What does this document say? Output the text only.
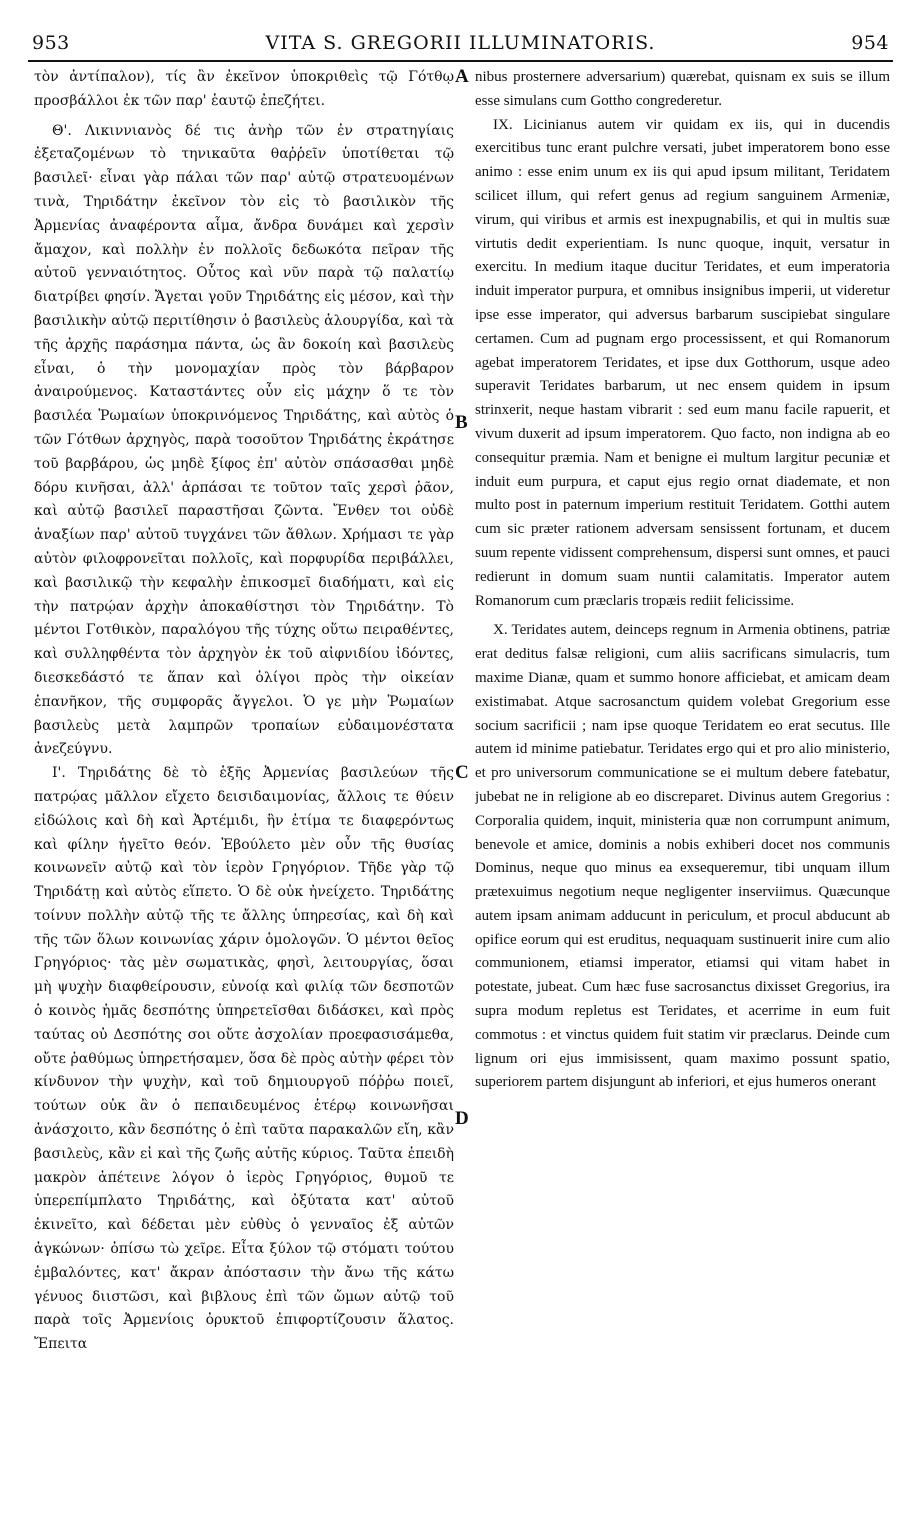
953	VITA S. GREGORII ILLUMINATORIS.	954

τὸν ἀντίπαλον), τίς ἂν ἐκεῖνον ὑποκριθεὶς τῷ Γότθῳ προσβάλλοι ἐκ τῶν παρ' ἑαυτῷ ἐπεζήτει.

Θ'. Λικιννιανὸς δέ τις ἀνὴρ τῶν ἐν στρατηγίαις ἐξεταζομένων τὸ τηνικαῦτα θαῤῥεῖν ὑποτίθεται τῷ βασιλεῖ· εἶναι γὰρ πάλαι τῶν παρ' αὐτῷ στρατευομένων τινὰ, Τηριδάτην ἐκεῖνον τὸν εἰς τὸ βασιλικὸν τῆς Ἀρμενίας ἀναφέροντα αἷμα, ἄνδρα δυνάμει καὶ χερσὶν ἄμαχον, καὶ πολλὴν ἐν πολλοῖς δεδωκότα πεῖραν τῆς αὐτοῦ γενναιότητος. Οὗτος καὶ νῦν παρὰ τῷ παλατίῳ διατρίβει φησίν. Ἄγεται γοῦν Τηριδάτης εἰς μέσον, καὶ τὴν βασιλικὴν αὐτῷ περιτίθησιν ὁ βασιλεὺς ἁλουργίδα, καὶ τὰ τῆς ἀρχῆς παράσημα πάντα, ὡς ἂν δοκοίη καὶ βασιλεὺς εἶναι, ὁ τὴν μονομαχίαν πρὸς τὸν βάρβαρον ἀναιρούμενος. Καταστάντες οὖν εἰς μάχην ὅ τε τὸν βασιλέα Ῥωμαίων ὑποκρινόμενος Τηριδάτης, καὶ αὐτὸς ὁ τῶν Γότθων ἀρχηγὸς, παρὰ τοσοῦτον Τηριδάτης ἐκράτησε τοῦ βαρβάρου, ὡς μηδὲ ξίφος ἐπ' αὐτὸν σπάσασθαι μηδὲ δόρυ κινῆσαι, ἀλλ' ἁρπάσαι τε τοῦτον ταῖς χερσὶ ῥᾶον, καὶ αὐτῷ βασιλεῖ παραστῆσαι ζῶντα. Ἔνθεν τοι οὐδὲ ἀναξίων παρ' αὐτοῦ τυγχάνει τῶν ἄθλων. Χρήμασι τε γὰρ αὐτὸν φιλοφρονεῖται πολλοῖς, καὶ πορφυρίδα περιβάλλει, καὶ βασιλικῷ τὴν κεφαλὴν ἐπικοσμεῖ διαδήματι, καὶ εἰς τὴν πατρῴαν ἀρχὴν ἀποκαθίστησι τὸν Τηριδάτην. Τὸ μέντοι Γοτθικὸν, παραλόγου τῆς τύχης οὕτω πειραθέντες, καὶ συλληφθέντα τὸν ἀρχηγὸν ἐκ τοῦ αἰφνιδίου ἰδόντες, διεσκεδάστό τε ἅπαν καὶ ὀλίγοι πρὸς τὴν οἰκείαν ἐπανῆκον, τῆς συμφορᾶς ἄγγελοι. Ὁ γε μὴν Ῥωμαίων βασιλεὺς μετὰ λαμπρῶν τροπαίων εὐδαιμονέστατα ἀνεζεύγνυ.

Ι'. Τηριδάτης δὲ τὸ ἑξῆς Ἀρμενίας βασιλεύων τῆς πατρῴας μᾶλλον εἴχετο δεισιδαιμονίας, ἄλλοις τε θύειν εἰδώλοις καὶ δὴ καὶ Ἀρτέμιδι, ἣν ἐτίμα τε διαφερόντως καὶ φίλην ἡγεῖτο θεόν. Ἐβούλετο μὲν οὖν τῆς θυσίας κοινωνεῖν αὐτῷ καὶ τὸν ἱερὸν Γρηγόριον. Τῆδε γὰρ τῷ Τηριδάτῃ καὶ αὐτὸς εἵπετο. Ὁ δὲ οὐκ ἠνείχετο. Τηριδάτης τοίνυν πολλὴν αὐτῷ τῆς τε ἄλλης ὑπηρεσίας, καὶ δὴ καὶ τῆς τῶν ὅλων κοινωνίας χάριν ὁμολογῶν. Ὁ μέντοι θεῖος Γρηγόριος· τὰς μὲν σωματικὰς, φησὶ, λειτουργίας, ὅσαι μὴ ψυχὴν διαφθείρουσιν, εὐνοίᾳ καὶ φιλίᾳ τῶν δεσποτῶν ὁ κοινὸς ἡμᾶς δεσπότης ὑπηρετεῖσθαι διδάσκει, καὶ πρὸς ταύτας οὐ Δεσπότης σοι οὔτε ἀσχολίαν προεφασισάμεθα, οὔτε ῥαθύμως ὑπηρετήσαμεν, ὅσα δὲ πρὸς αὐτὴν φέρει τὸν κίνδυνον τὴν ψυχὴν, καὶ τοῦ δημιουργοῦ πόῤῥω ποιεῖ, τούτων οὐκ ἂν ὁ πεπαιδευμένος ἑτέρῳ κοινωνῆσαι ἀνάσχοιτο, κἂν δεσπότης ὁ ἐπὶ ταῦτα παρακαλῶν εἴη, κἂν βασιλεὺς, κἂν εἰ καὶ τῆς ζωῆς αὐτῆς κύριος. Ταῦτα ἐπειδὴ μακρὸν ἀπέτεινε λόγον ὁ ἱερὸς Γρηγόριος, θυμοῦ τε ὑπερεπίμπλατο Τηριδάτης, καὶ ὀξύτατα κατ' αὐτοῦ ἐκινεῖτο, καὶ δέδεται μὲν εὐθὺς ὁ γενναῖος ἐξ αὐτῶν ἀγκώνων· ὀπίσω τὼ χεῖρε. Εἶτα ξύλον τῷ στόματι τούτου ἐμβαλόντες, κατ' ἄκραν ἀπόστασιν τὴν ἄνω τῆς κάτω γένυος διιστῶσι, καὶ βιβλους ἐπὶ τῶν ὤμων αὐτῷ τοῦ παρὰ τοῖς Ἀρμενίοις ὀρυκτοῦ ἐπιφορτίζουσιν ἅλατος. Ἔπειτα

A
B
C
D

nibus prosternere adversarium) quærebat, quisnam ex suis se illum esse simulans cum Gottho congrederetur.

IX. Licinianus autem vir quidam ex iis, qui in ducendis exercitibus tunc erant pulchre versati, jubet imperatorem bono esse animo : esse enim unum ex iis qui apud ipsum militant, Teridatem scilicet illum, qui refert genus ad regium sanguinem Armeniæ, virum, qui viribus et armis est inexpugnabilis, et qui in multis suæ virtutis dedit experientiam. Is nunc quoque, inquit, versatur in exercitu. In medium itaque ducitur Teridates, et eum imperatoria induit imperator purpura, et omnibus insignibus imperii, ut videretur ipse esse imperator, qui adversus barbarum suscipiebat singulare certamen. Cum ad pugnam ergo processissent, et qui Romanorum agebat imperatorem Teridates, et ipse dux Gotthorum, usque adeo superavit Teridates barbarum, ut nec ensem quidem in ipsum strinxerit, neque hastam vibrarit : sed eum manu facile rapuerit, et vivum duxerit ad ipsum imperatorem. Quo facto, non indigna ab eo consequitur præmia. Nam et benigne ei multum largitur pecuniæ et induit eum purpura, et caput ejus regio ornat diademate, et non multo post in paternum imperium restituit Teridatem. Gotthi autem cum sic præter rationem adversam sensissent fortunam, et ducem suum repente vidissent comprehensum, dispersi sunt omnes, et pauci redierunt in domum suam nuntii calamitatis. Imperator autem Romanorum cum præclaris tropæis rediit felicissime.

X. Teridates autem, deinceps regnum in Armenia obtinens, patriæ erat deditus falsæ religioni, cum aliis sacrificans simulacris, tum maxime Dianæ, quam et summo honore afficiebat, et amicam deam existimabat. Atque sacrosanctum quidem volebat Gregorium esse socium sacrificii ; nam ipse quoque Teridatem eo erat secutus. Ille autem id minime patiebatur. Teridates ergo qui et pro alio ministerio, et pro universorum communicatione se ei multum debere fatebatur, jubebat ne in religione ab eo discreparet. Divinus autem Gregorius : Corporalia quidem, inquit, ministeria quæ non corrumpunt animum, benevole et amice, dominis a nobis exhiberi docet nos communis Dominus, neque quo minus ea exsequeremur, tibi unquam illum prætexuimus negotium neque negligenter inserviimus. Quæcunque autem ipsam animam adducunt in periculum, et procul abducunt ab opifice eorum qui est eruditus, nequaquam sustinuerit inire cum alio communionem, etiamsi imperator, etiamsi qui vitam habet in potestate, jubeat. Cum hæc fuse sacrosanctus dixisset Gregorius, ira supra modum repletus est Teridates, et acerrime in eum fuit commotus : et vinctus quidem fuit statim vir præclarus. Deinde cum lignum ori ejus immisissent, quam maximo possunt spatio, superiorem partem disjungunt ab inferiori, et ejus humeros onerant
